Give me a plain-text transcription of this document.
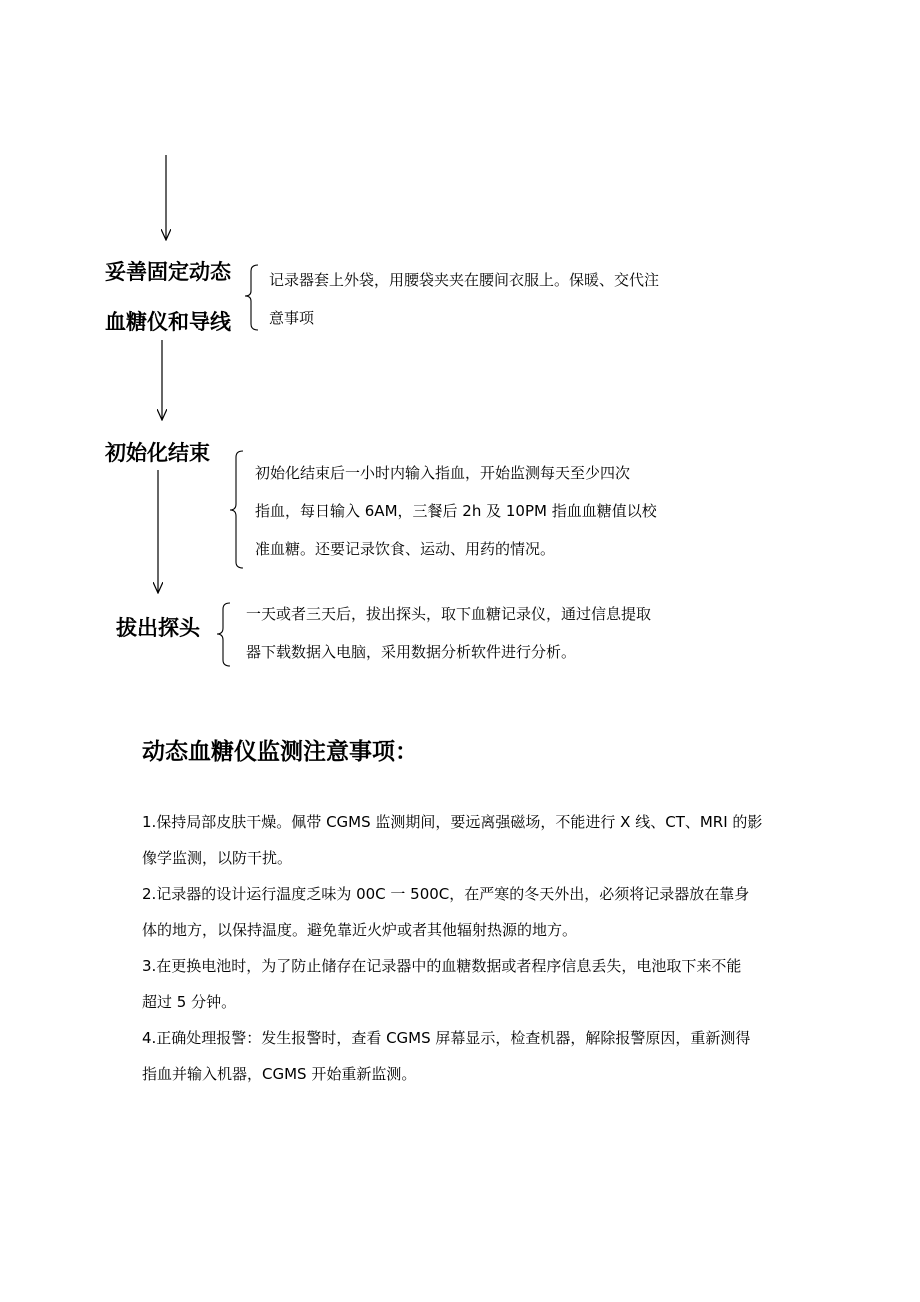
妥善固定动态
血糖仪和导线
记录器套上外袋，用腰袋夹夹在腰间衣服上。保暖、交代注
意事项
初始化结束
初始化结束后一小时内输入指血，开始监测每天至少四次
指血，每日输入 6AM，三餐后 2h 及 10PM 指血血糖值以校
准血糖。还要记录饮食、运动、用药的情况。
拔出探头
一天或者三天后，拔出探头，取下血糖记录仪，通过信息提取
器下载数据入电脑，采用数据分析软件进行分析。
动态血糖仪监测注意事项：
1.保持局部皮肤干燥。佩带 CGMS 监测期间，要远离强磁场，不能进行 X 线、CT、MRI 的影
像学监测，以防干扰。
2.记录器的设计运行温度乏味为 00C 一 500C，在严寒的冬天外出，必须将记录器放在靠身
体的地方，以保持温度。避免靠近火炉或者其他辐射热源的地方。
3.在更换电池时，为了防止储存在记录器中的血糖数据或者程序信息丢失，电池取下来不能
超过 5 分钟。
4.正确处理报警：发生报警时，查看 CGMS 屏幕显示，检查机器，解除报警原因，重新测得
指血并输入机器，CGMS 开始重新监测。
